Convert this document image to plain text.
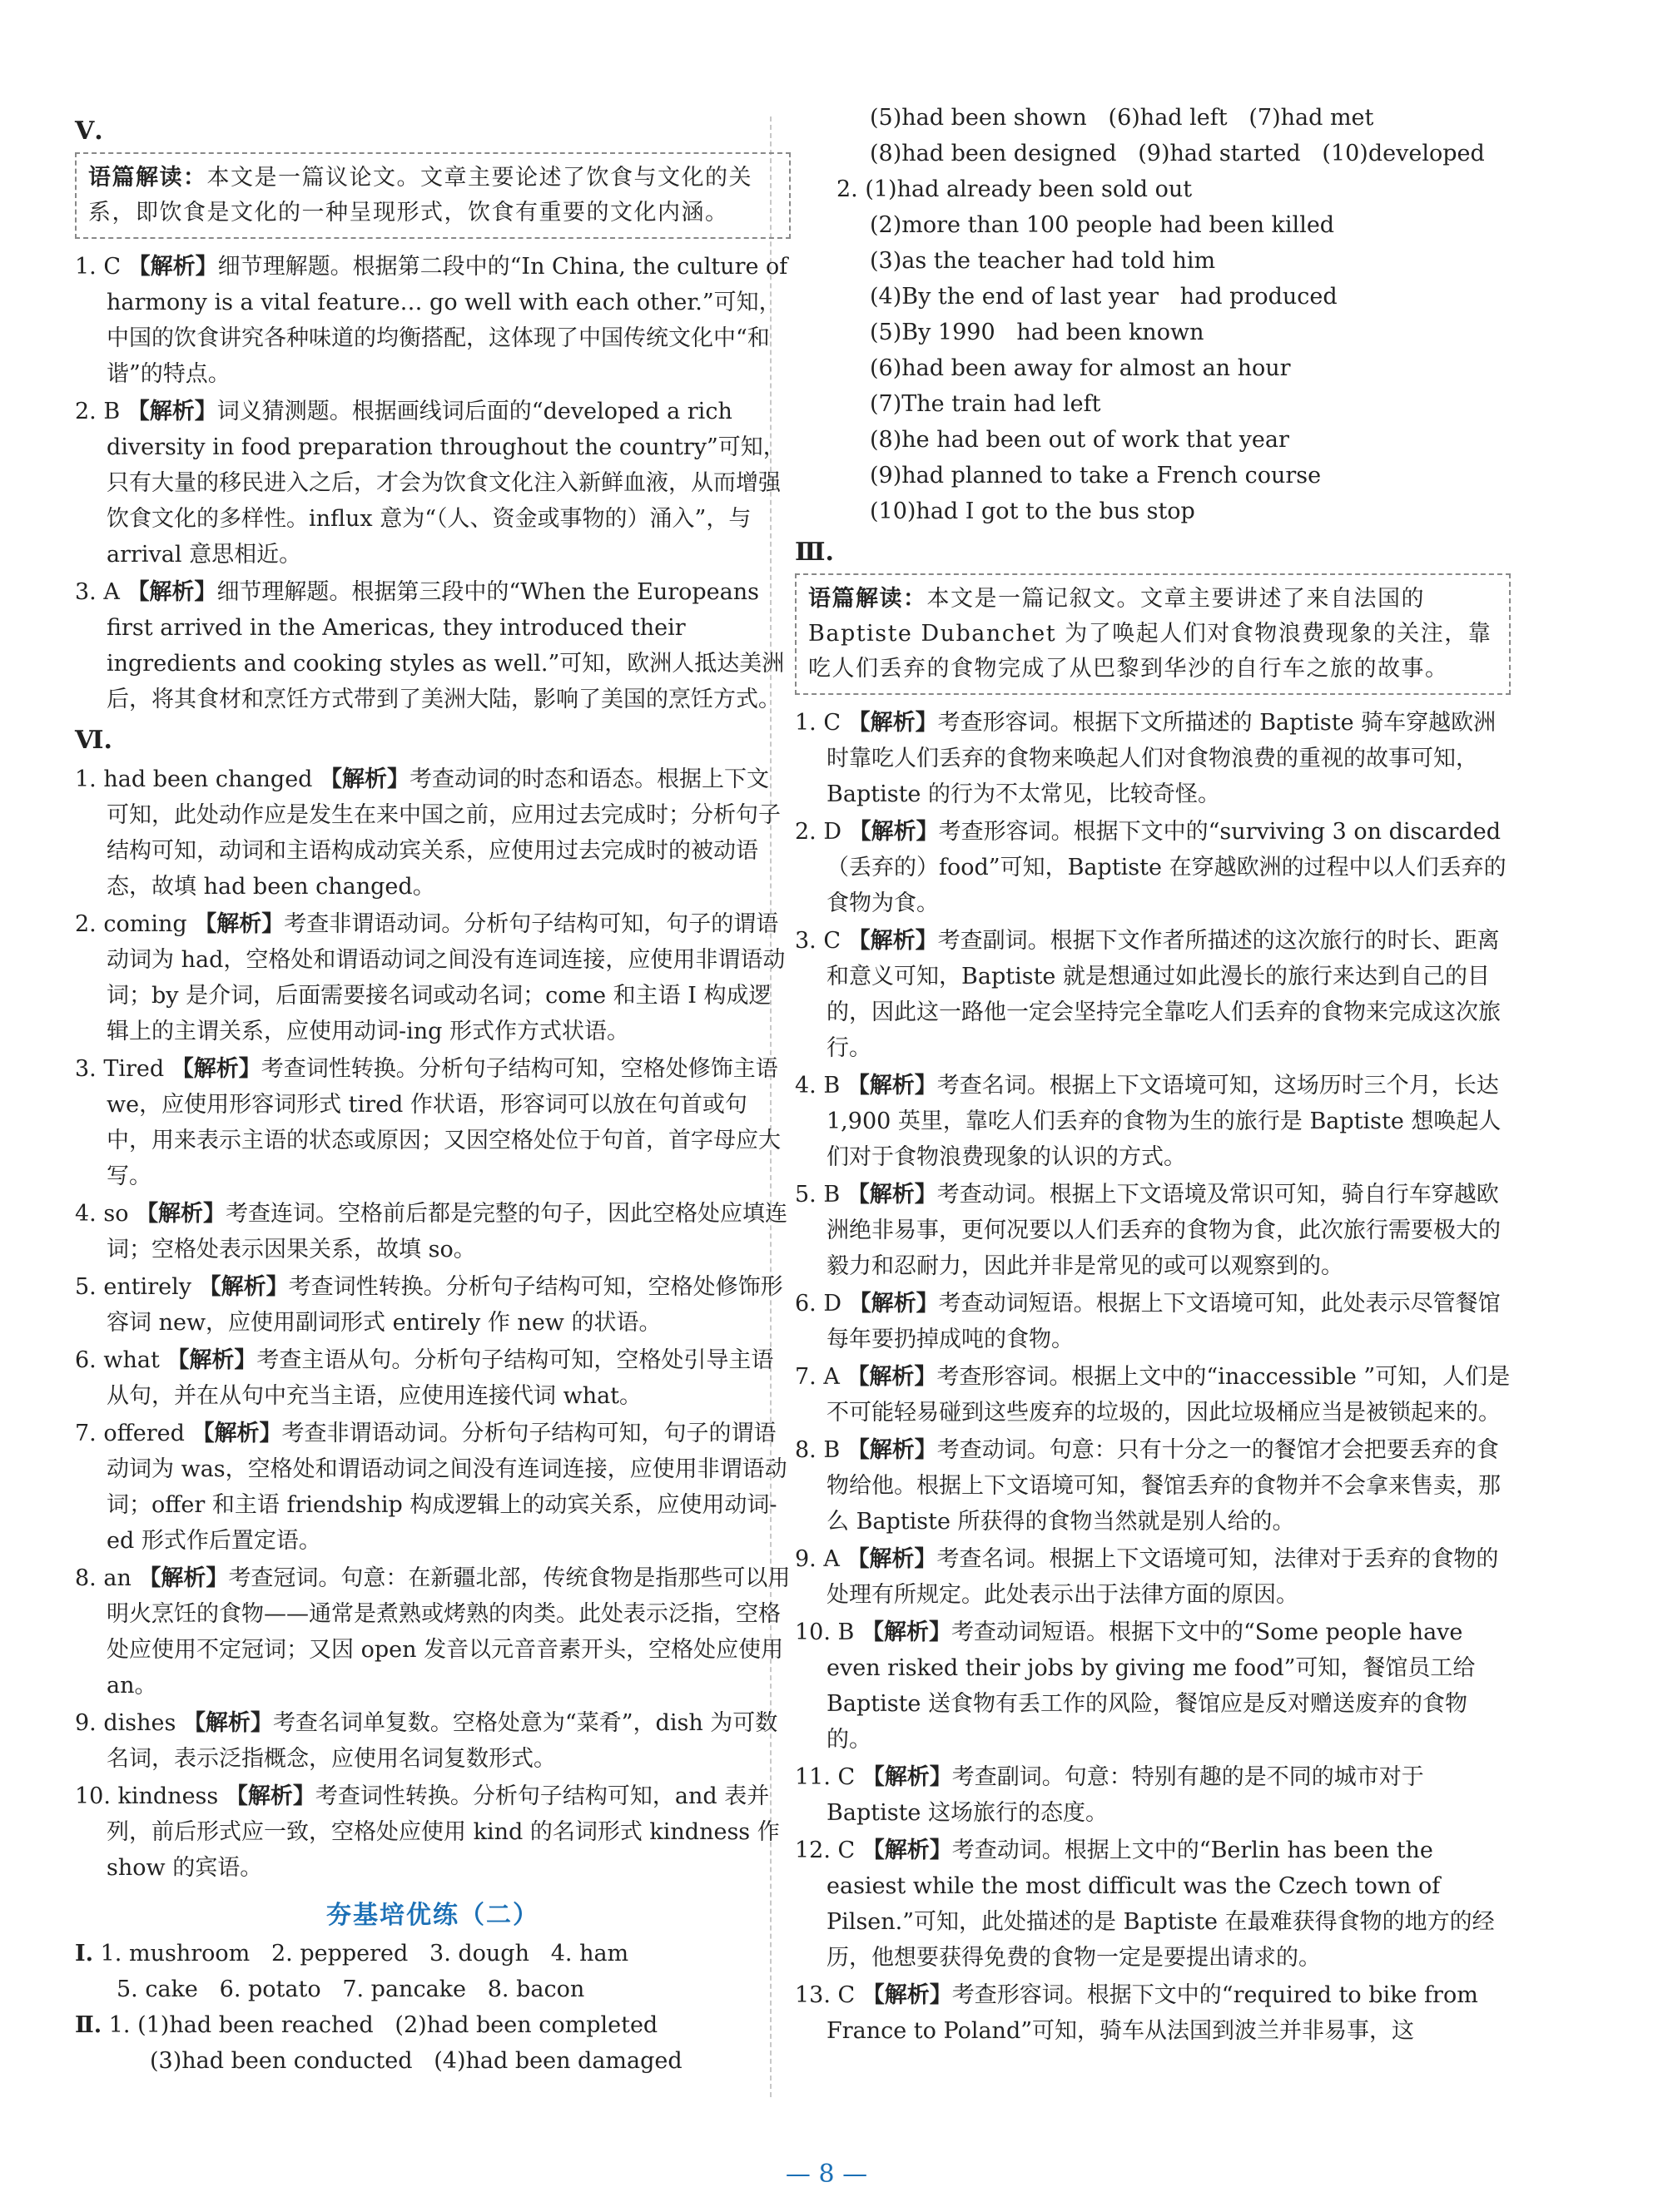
Ⅴ.
语篇解读：本文是一篇议论文。文章主要论述了饮食与文化的关系，即饮食是文化的一种呈现形式，饮食有重要的文化内涵。
1. C 【解析】细节理解题。根据第二段中的“In China, the culture of harmony is a vital feature… go well with each other.”可知，中国的饮食讲究各种味道的均衡搭配，这体现了中国传统文化中“和谐”的特点。
2. B 【解析】词义猜测题。根据画线词后面的“developed a rich diversity in food preparation throughout the country”可知，只有大量的移民进入之后，才会为饮食文化注入新鲜血液，从而增强饮食文化的多样性。influx 意为“（人、资金或事物的）涌入”，与 arrival 意思相近。
3. A 【解析】细节理解题。根据第三段中的“When the Europeans first arrived in the Americas, they introduced their ingredients and cooking styles as well.”可知，欧洲人抵达美洲后，将其食材和烹饪方式带到了美洲大陆，影响了美国的烹饪方式。
Ⅵ.
1. had been changed 【解析】考查动词的时态和语态。根据上下文可知，此处动作应是发生在来中国之前，应用过去完成时；分析句子结构可知，动词和主语构成动宾关系，应使用过去完成时的被动语态，故填 had been changed。
2. coming 【解析】考查非谓语动词。分析句子结构可知，句子的谓语动词为 had，空格处和谓语动词之间没有连词连接，应使用非谓语动词；by 是介词，后面需要接名词或动名词；come 和主语 I 构成逻辑上的主谓关系，应使用动词-ing 形式作方式状语。
3. Tired 【解析】考查词性转换。分析句子结构可知，空格处修饰主语 we，应使用形容词形式 tired 作状语，形容词可以放在句首或句中，用来表示主语的状态或原因；又因空格处位于句首，首字母应大写。
4. so 【解析】考查连词。空格前后都是完整的句子，因此空格处应填连词；空格处表示因果关系，故填 so。
5. entirely 【解析】考查词性转换。分析句子结构可知，空格处修饰形容词 new，应使用副词形式 entirely 作 new 的状语。
6. what 【解析】考查主语从句。分析句子结构可知，空格处引导主语从句，并在从句中充当主语，应使用连接代词 what。
7. offered 【解析】考查非谓语动词。分析句子结构可知，句子的谓语动词为 was，空格处和谓语动词之间没有连词连接，应使用非谓语动词；offer 和主语 friendship 构成逻辑上的动宾关系，应使用动词-ed 形式作后置定语。
8. an 【解析】考查冠词。句意：在新疆北部，传统食物是指那些可以用明火烹饪的食物——通常是煮熟或烤熟的肉类。此处表示泛指，空格处应使用不定冠词；又因 open 发音以元音音素开头，空格处应使用 an。
9. dishes 【解析】考查名词单复数。空格处意为“菜肴”，dish 为可数名词，表示泛指概念，应使用名词复数形式。
10. kindness 【解析】考查词性转换。分析句子结构可知，and 表并列，前后形式应一致，空格处应使用 kind 的名词形式 kindness 作 show 的宾语。
夯基培优练（二）
Ⅰ. 1. mushroom   2. peppered   3. dough   4. ham
5. cake   6. potato   7. pancake   8. bacon
Ⅱ. 1. (1)had been reached   (2)had been completed
(3)had been conducted   (4)had been damaged
(5)had been shown   (6)had left   (7)had met
(8)had been designed   (9)had started   (10)developed
2. (1)had already been sold out
(2)more than 100 people had been killed
(3)as the teacher had told him
(4)By the end of last year   had produced
(5)By 1990   had been known
(6)had been away for almost an hour
(7)The train had left
(8)he had been out of work that year
(9)had planned to take a French course
(10)had I got to the bus stop
Ⅲ.
语篇解读：本文是一篇记叙文。文章主要讲述了来自法国的 Baptiste Dubanchet 为了唤起人们对食物浪费现象的关注，靠吃人们丢弃的食物完成了从巴黎到华沙的自行车之旅的故事。
1. C 【解析】考查形容词。根据下文所描述的 Baptiste 骑车穿越欧洲时靠吃人们丢弃的食物来唤起人们对食物浪费的重视的故事可知，Baptiste 的行为不太常见，比较奇怪。
2. D 【解析】考查形容词。根据下文中的“surviving 3 on discarded（丢弃的）food”可知，Baptiste 在穿越欧洲的过程中以人们丢弃的食物为食。
3. C 【解析】考查副词。根据下文作者所描述的这次旅行的时长、距离和意义可知，Baptiste 就是想通过如此漫长的旅行来达到自己的目的，因此这一路他一定会坚持完全靠吃人们丢弃的食物来完成这次旅行。
4. B 【解析】考查名词。根据上下文语境可知，这场历时三个月，长达 1,900 英里，靠吃人们丢弃的食物为生的旅行是 Baptiste 想唤起人们对于食物浪费现象的认识的方式。
5. B 【解析】考查动词。根据上下文语境及常识可知，骑自行车穿越欧洲绝非易事，更何况要以人们丢弃的食物为食，此次旅行需要极大的毅力和忍耐力，因此并非是常见的或可以观察到的。
6. D 【解析】考查动词短语。根据上下文语境可知，此处表示尽管餐馆每年要扔掉成吨的食物。
7. A 【解析】考查形容词。根据上文中的“inaccessible ”可知，人们是不可能轻易碰到这些废弃的垃圾的，因此垃圾桶应当是被锁起来的。
8. B 【解析】考查动词。句意：只有十分之一的餐馆才会把要丢弃的食物给他。根据上下文语境可知，餐馆丢弃的食物并不会拿来售卖，那么 Baptiste 所获得的食物当然就是别人给的。
9. A 【解析】考查名词。根据上下文语境可知，法律对于丢弃的食物的处理有所规定。此处表示出于法律方面的原因。
10. B 【解析】考查动词短语。根据下文中的“Some people have even risked their jobs by giving me food”可知，餐馆员工给 Baptiste 送食物有丢工作的风险，餐馆应是反对赠送废弃的食物的。
11. C 【解析】考查副词。句意：特别有趣的是不同的城市对于 Baptiste 这场旅行的态度。
12. C 【解析】考查动词。根据上文中的“Berlin has been the easiest while the most difficult was the Czech town of Pilsen.”可知，此处描述的是 Baptiste 在最难获得食物的地方的经历，他想要获得免费的食物一定是要提出请求的。
13. C 【解析】考查形容词。根据下文中的“required to bike from France to Poland”可知，骑车从法国到波兰并非易事，这
— 8 —
